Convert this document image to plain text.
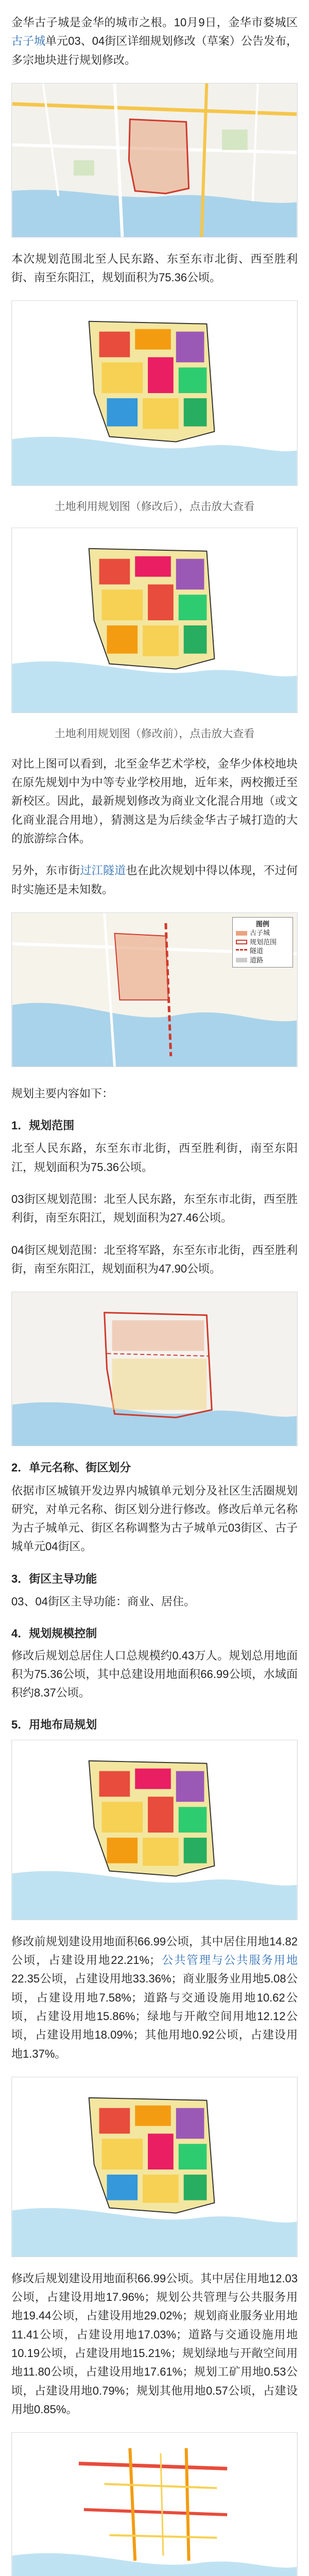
金华古子城是金华的城市之根。10月9日，金华市婺城区古子城单元03、04街区详细规划修改（草案）公告发布，多宗地块进行规划修改。

本次规划范围北至人民东路、东至东市北街、西至胜利街、南至东阳江，规划面积为75.36公顷。

土地利用规划图（修改后），点击放大查看

土地利用规划图（修改前），点击放大查看

对比上图可以看到，北至金华艺术学校，金华少体校地块在原先规划中为中等专业学校用地，近年来，两校搬迁至新校区。因此，最新规划修改为商业文化混合用地（或文化商业混合用地），猜测这是为后续金华古子城打造的大的旅游综合体。

另外，东市街过江隧道也在此次规划中得以体现，不过何时实施还是未知数。

图例
古子城
规划范围
隧道
道路

规划主要内容如下：

1．规划范围

北至人民东路，东至东市北街，西至胜利街，南至东阳江，规划面积为75.36公顷。

03街区规划范围：北至人民东路，东至东市北街，西至胜利街，南至东阳江，规划面积为27.46公顷。

04街区规划范围：北至将军路，东至东市北街，西至胜利街，南至东阳江，规划面积为47.90公顷。

2．单元名称、街区划分

依据市区城镇开发边界内城镇单元划分及社区生活圈规划研究，对单元名称、街区划分进行修改。修改后单元名称为古子城单元、街区名称调整为古子城单元03街区、古子城单元04街区。

3．街区主导功能

03、04街区主导功能：商业、居住。

4．规划规模控制

修改后规划总居住人口总规模约0.43万人。规划总用地面积为75.36公顷，其中总建设用地面积66.99公顷，水域面积约8.37公顷。

5．用地布局规划

修改前规划建设用地面积66.99公顷，其中居住用地14.82公顷，占建设用地22.21%；公共管理与公共服务用地22.35公顷，占建设用地33.36%；商业服务业用地5.08公顷，占建设用地7.58%；道路与交通设施用地10.62公顷，占建设用地15.86%；绿地与开敞空间用地12.12公顷，占建设用地18.09%；其他用地0.92公顷，占建设用地1.37%。

修改后规划建设用地面积66.99公顷。其中居住用地12.03公顷，占建设用地17.96%；规划公共管理与公共服务用地19.44公顷，占建设用地29.02%；规划商业服务业用地11.41公顷，占建设用地17.03%；道路与交通设施用地10.19公顷，占建设用地15.21%；规划绿地与开敞空间用地11.80公顷，占建设用地17.61%；规划工矿用地0.53公顷，占建设用地0.79%；规划其他用地0.57公顷，占建设用地0.85%。
